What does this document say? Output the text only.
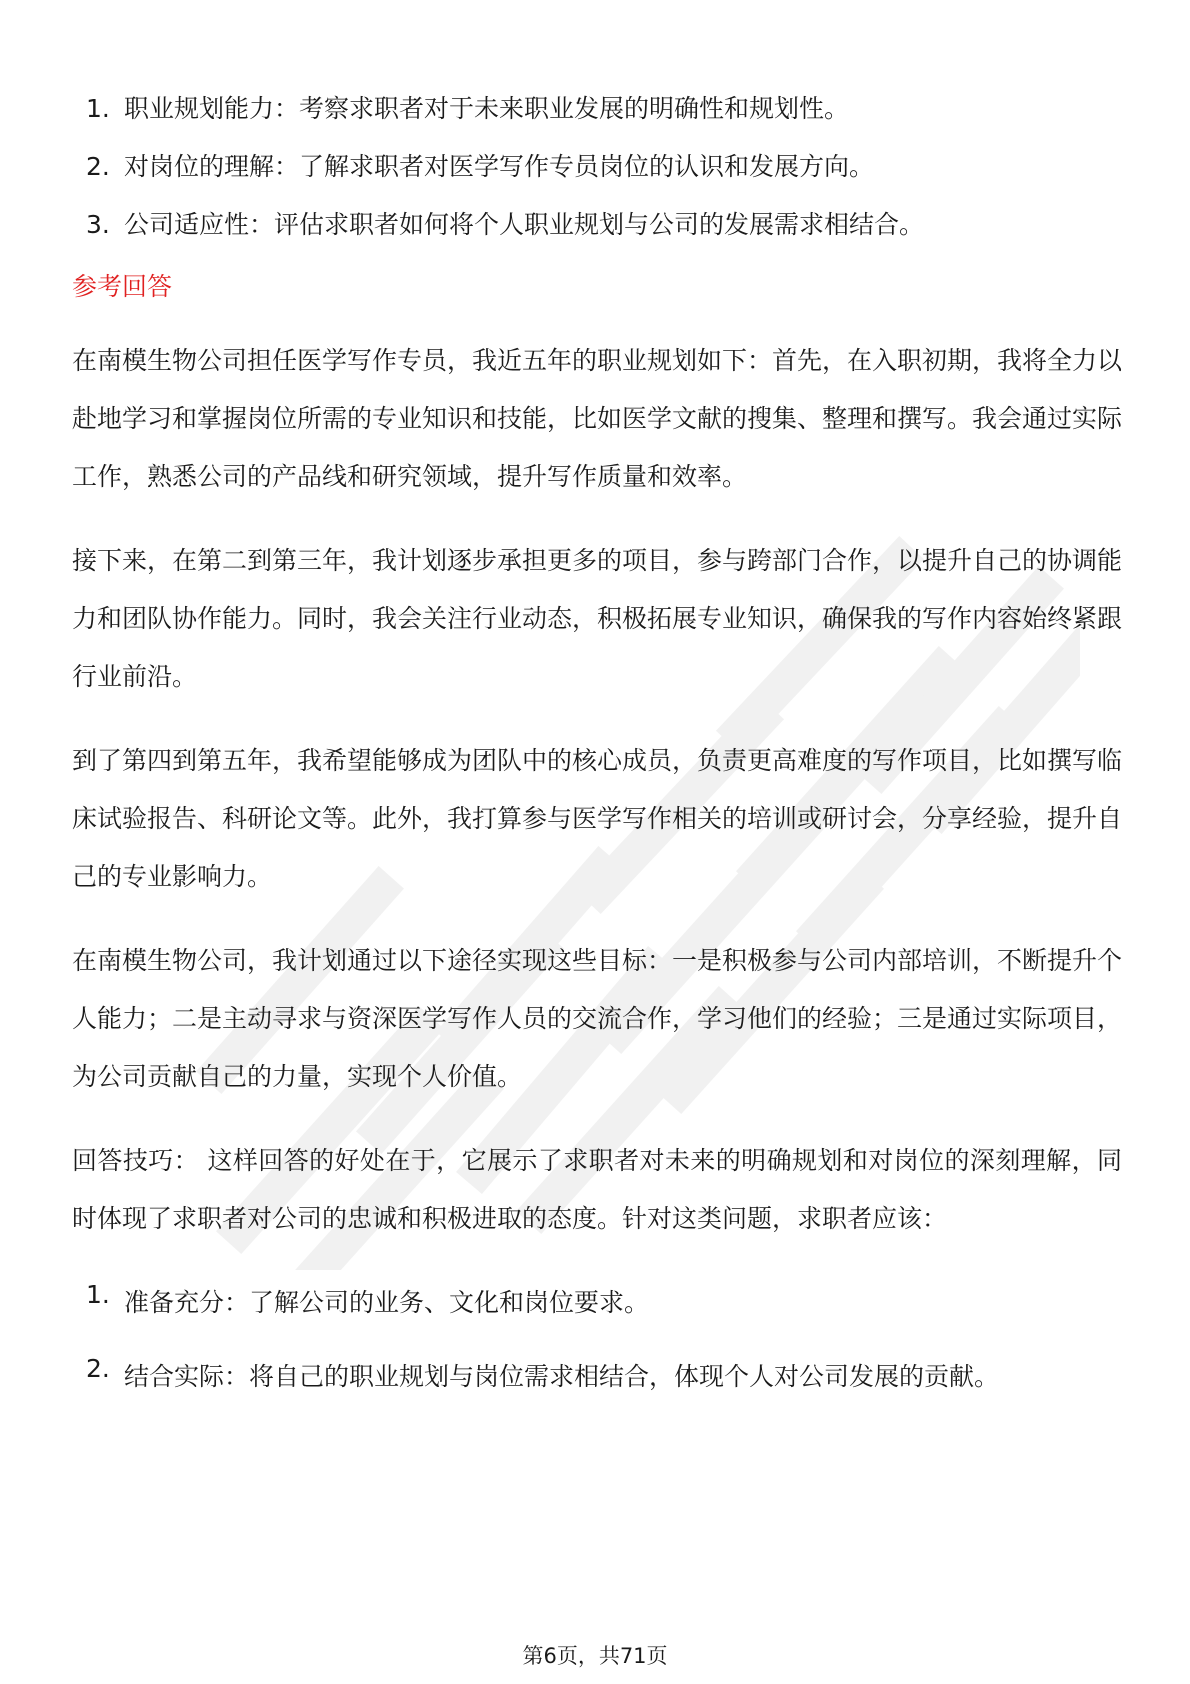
1. 职业规划能力：考察求职者对于未来职业发展的明确性和规划性。
2. 对岗位的理解：了解求职者对医学写作专员岗位的认识和发展方向。
3. 公司适应性：评估求职者如何将个人职业规划与公司的发展需求相结合。
参考回答

在南模生物公司担任医学写作专员，我近五年的职业规划如下：首先，在入职初期，我将全力以赴地学习和掌握岗位所需的专业知识和技能，比如医学文献的搜集、整理和撰写。我会通过实际工作，熟悉公司的产品线和研究领域，提升写作质量和效率。

接下来，在第二到第三年，我计划逐步承担更多的项目，参与跨部门合作，以提升自己的协调能力和团队协作能力。同时，我会关注行业动态，积极拓展专业知识，确保我的写作内容始终紧跟行业前沿。

到了第四到第五年，我希望能够成为团队中的核心成员，负责更高难度的写作项目，比如撰写临床试验报告、科研论文等。此外，我打算参与医学写作相关的培训或研讨会，分享经验，提升自己的专业影响力。

在南模生物公司，我计划通过以下途径实现这些目标：一是积极参与公司内部培训，不断提升个人能力；二是主动寻求与资深医学写作人员的交流合作，学习他们的经验；三是通过实际项目，为公司贡献自己的力量，实现个人价值。

回答技巧： 这样回答的好处在于，它展示了求职者对未来的明确规划和对岗位的深刻理解，同时体现了求职者对公司的忠诚和积极进取的态度。针对这类问题，求职者应该：

1. 准备充分：了解公司的业务、文化和岗位要求。
2. 结合实际：将自己的职业规划与岗位需求相结合，体现个人对公司发展的贡献。
第6页，共71页
